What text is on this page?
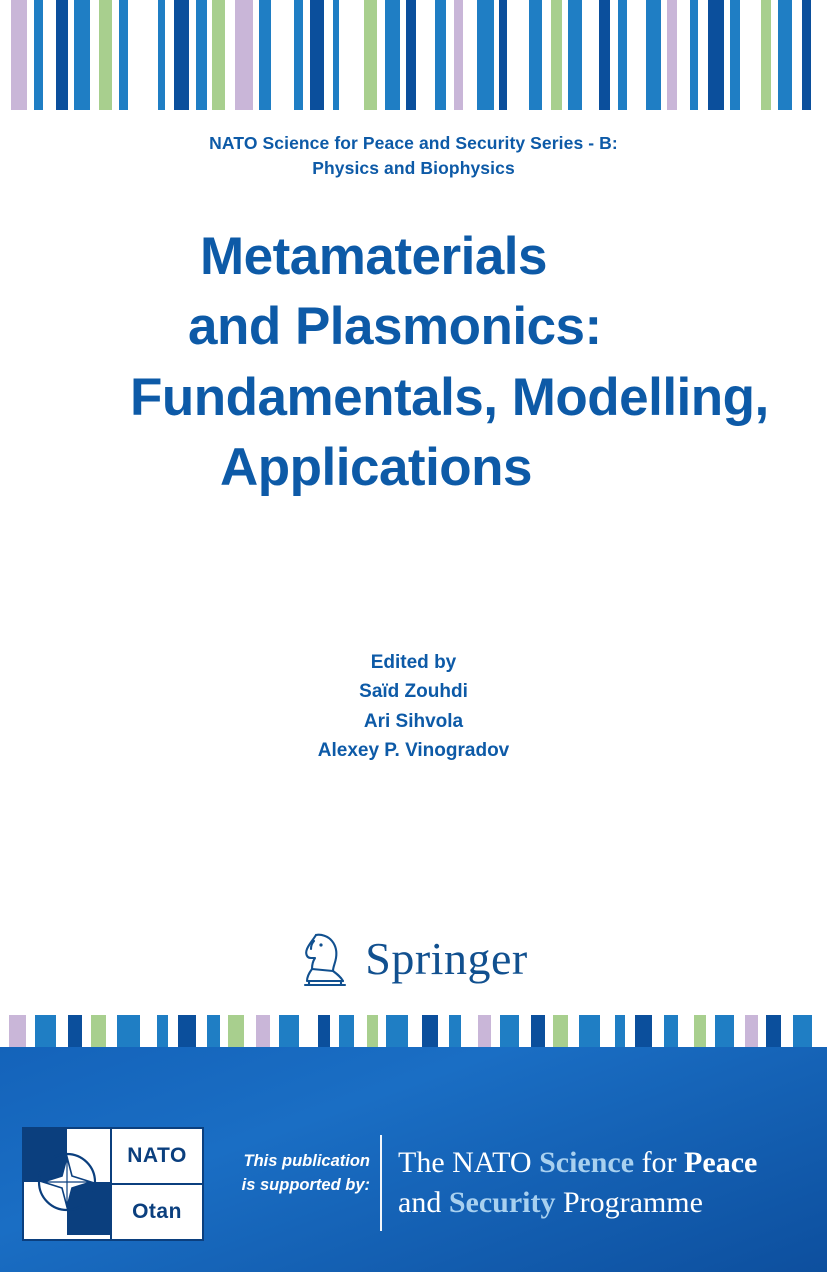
NATO Science for Peace and Security Series - B:
Physics and Biophysics
Metamaterials
and Plasmonics:
Fundamentals, Modelling,
Applications
Edited by
Saïd Zouhdi
Ari Sihvola
Alexey P. Vinogradov
Springer
NATO
Otan
This publication
is supported by:
The NATO Science for Peace
and Security Programme
